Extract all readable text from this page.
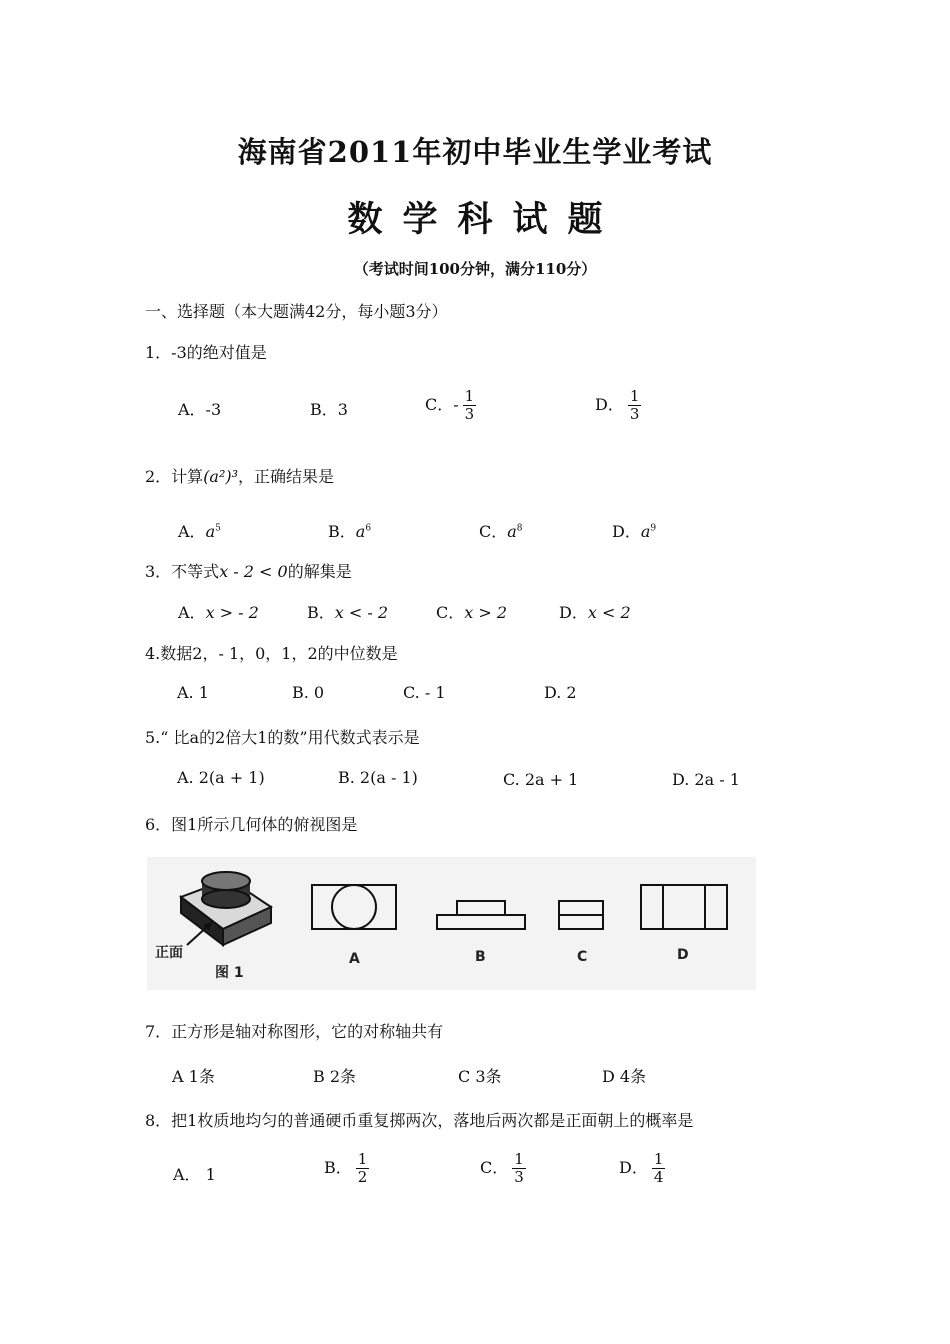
海南省2011年初中毕业生学业考试
数学科试题
（考试时间100分钟，满分110分）
一、选择题（本大题满42分，每小题3分）
1．-3的绝对值是
A．-3	B．3	C．- $\frac{1}{3}$	D． $\frac{1}{3}$
2．计算(a²)³，正确结果是
A．$a^5$	B．$a^6$	C．$a^8$	D．$a^9$
3．不等式x - 2 < 0的解集是
A．x > - 2	B．x < - 2	C．x > 2	D．x < 2
4.数据2，- 1，0，1，2的中位数是
A. 1	B. 0	C. - 1	D. 2
5.“ 比a的2倍大1的数”用代数式表示是
A. 2(a + 1)	B. 2(a - 1)	C. 2a + 1	D. 2a - 1
6．图1所示几何体的俯视图是
正面
图 1
A	B	C	D
7．正方形是轴对称图形，它的对称轴共有
A 1条	B 2条	C 3条	D 4条
8．把1枚质地均匀的普通硬币重复掷两次，落地后两次都是正面朝上的概率是
A． 1	B． $\frac{1}{2}$	C． $\frac{1}{3}$	D． $\frac{1}{4}$
